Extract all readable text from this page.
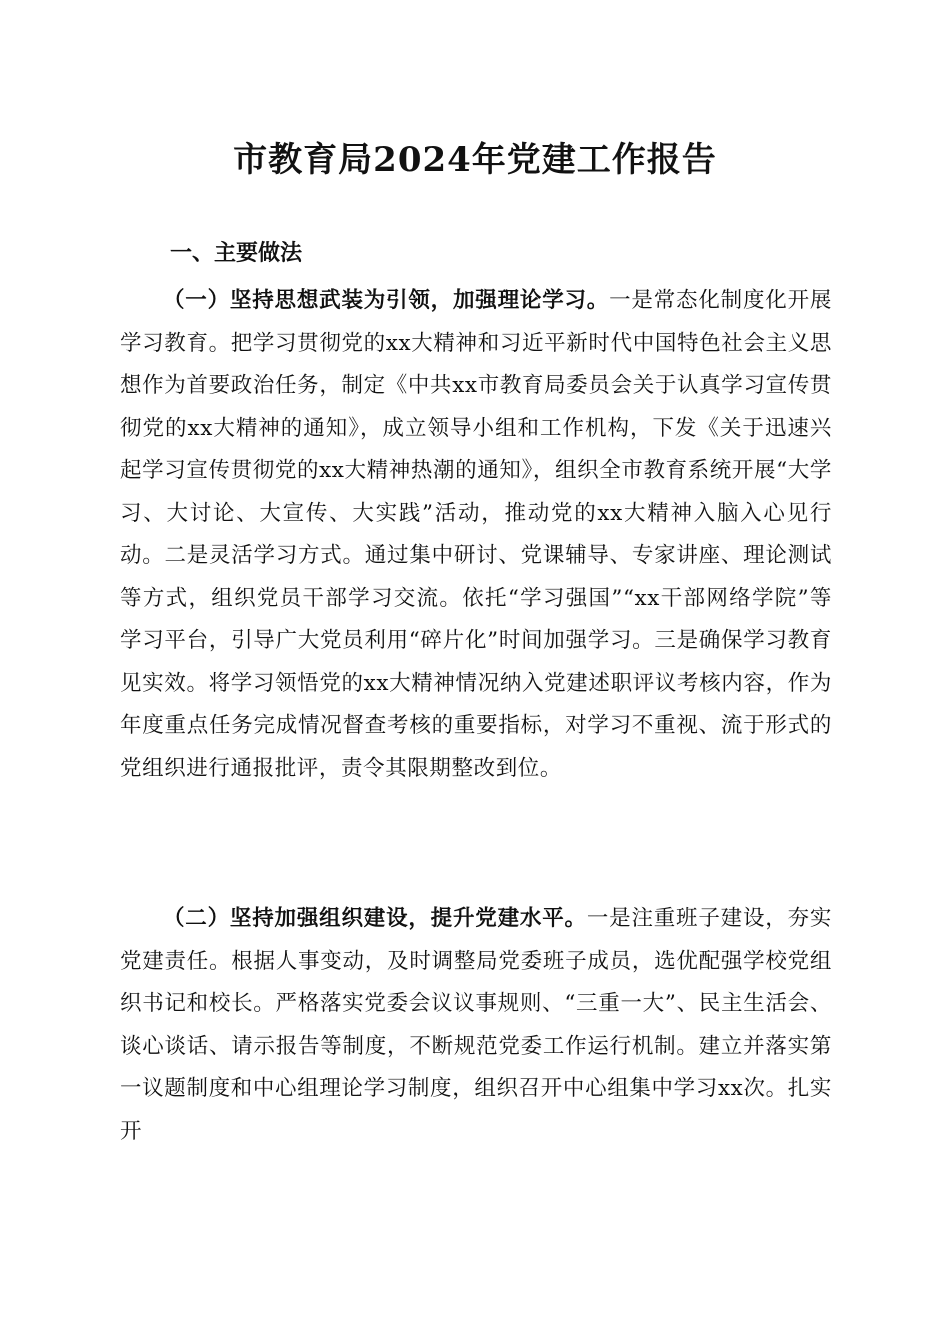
市教育局2024年党建工作报告
一、主要做法

（一）坚持思想武装为引领，加强理论学习。一是常态化制度化开展学习教育。把学习贯彻党的xx大精神和习近平新时代中国特色社会主义思想作为首要政治任务，制定《中共xx市教育局委员会关于认真学习宣传贯彻党的xx大精神的通知》，成立领导小组和工作机构，下发《关于迅速兴起学习宣传贯彻党的xx大精神热潮的通知》，组织全市教育系统开展“大学习、大讨论、大宣传、大实践”活动，推动党的xx大精神入脑入心见行动。二是灵活学习方式。通过集中研讨、党课辅导、专家讲座、理论测试等方式，组织党员干部学习交流。依托“学习强国”“xx干部网络学院”等学习平台，引导广大党员利用“碎片化”时间加强学习。三是确保学习教育见实效。将学习领悟党的xx大精神情况纳入党建述职评议考核内容，作为年度重点任务完成情况督查考核的重要指标，对学习不重视、流于形式的党组织进行通报批评，责令其限期整改到位。

（二）坚持加强组织建设，提升党建水平。一是注重班子建设，夯实党建责任。根据人事变动，及时调整局党委班子成员，选优配强学校党组织书记和校长。严格落实党委会议议事规则、“三重一大”、民主生活会、谈心谈话、请示报告等制度，不断规范党委工作运行机制。建立并落实第一议题制度和中心组理论学习制度，组织召开中心组集中学习xx次。扎实开
